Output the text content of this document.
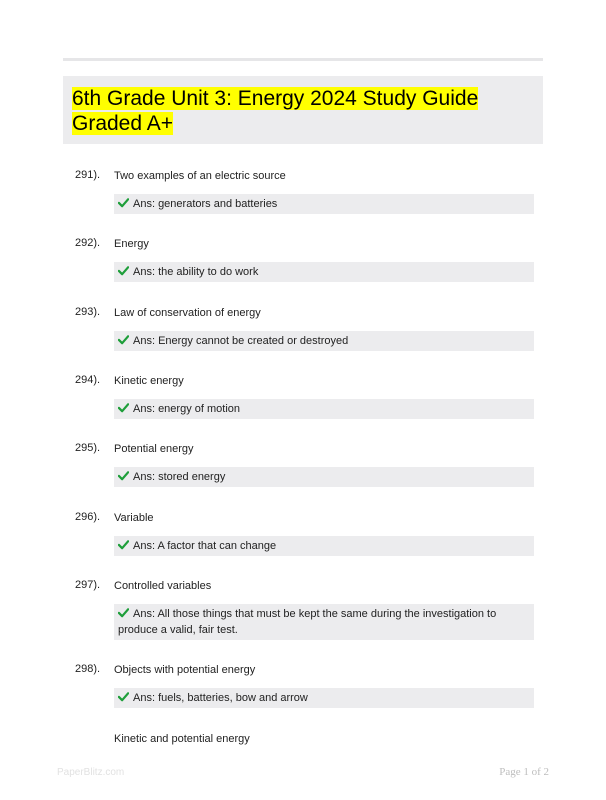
6th Grade Unit 3: Energy 2024 Study Guide
Graded A+
291). Two examples of an electric source
Ans: generators and batteries
292). Energy
Ans: the ability to do work
293). Law of conservation of energy
Ans: Energy cannot be created or destroyed
294). Kinetic energy
Ans: energy of motion
295). Potential energy
Ans: stored energy
296). Variable
Ans: A factor that can change
297). Controlled variables
Ans: All those things that must be kept the same during the investigation to produce a valid, fair test.
298). Objects with potential energy
Ans: fuels, batteries, bow and arrow
Kinetic and potential energy
PaperBlitz.com	Page 1 of 2
